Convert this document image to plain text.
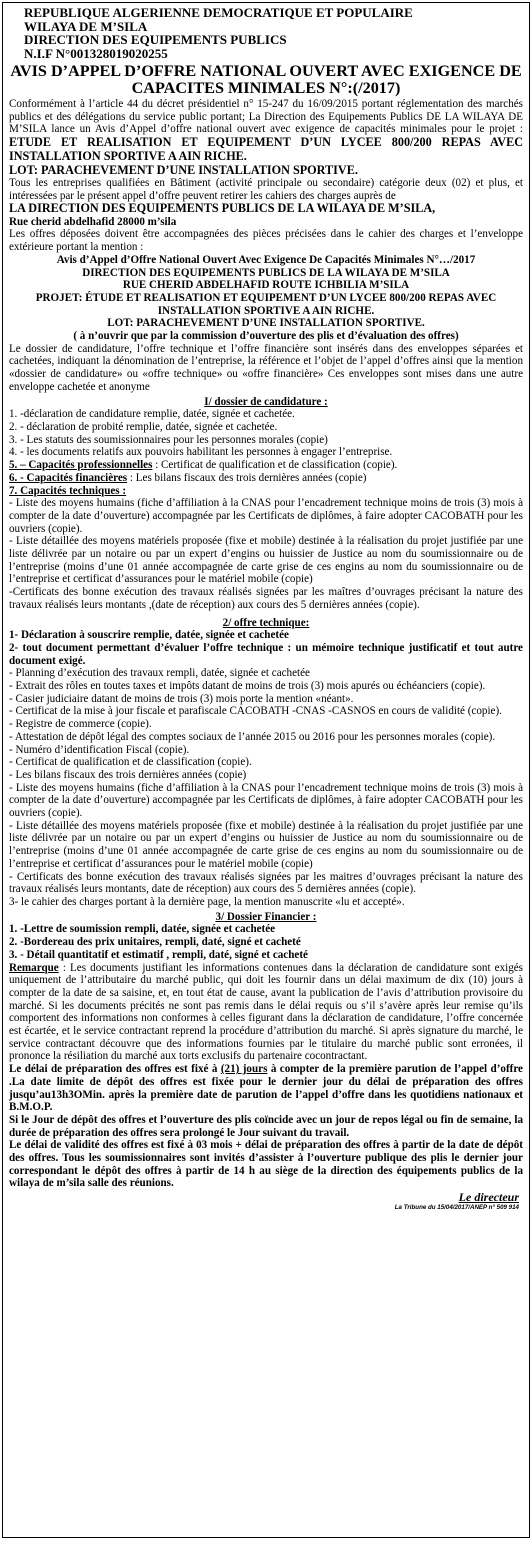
REPUBLIQUE ALGERIENNE DEMOCRATIQUE ET POPULAIRE

WILAYA DE M’SILA

DIRECTION DES EQUIPEMENTS PUBLICS

N.I.F N°001328019020255

AVIS D’APPEL D’OFFRE NATIONAL OUVERT AVEC EXIGENCE DE CAPACITES MINIMALES N°:(/2017)

Conformément à l’article 44 du décret présidentiel n° 15-247 du 16/09/2015 portant réglementation des marchés publics et des délégations du service public portant; La Direction des Equipements Publics DE LA WILAYA DE M’SILA lance un Avis d’Appel d’offre national ouvert avec exigence de capacités minimales pour le projet : ETUDE ET REALISATION ET EQUIPEMENT D’UN LYCEE 800/200 REPAS AVEC INSTALLATION SPORTIVE A AIN RICHE.

LOT: PARACHEVEMENT D’UNE INSTALLATION SPORTIVE.

Tous les entreprises qualifiées en Bâtiment (activité principale ou secondaire) catégorie deux (02) et plus, et intéressées par le présent appel d’offre peuvent retirer les cahiers des charges auprès de

LA DIRECTION DES EQUIPEMENTS PUBLICS DE LA WILAYA DE M’SILA,

Rue cherid abdelhafid 28000 m’sila

Les offres déposées doivent être accompagnées des pièces précisées dans le cahier des charges et l’enveloppe extérieure portant la mention :

Avis d’Appel d’Offre National Ouvert Avec Exigence De Capacités Minimales N°…/2017

DIRECTION DES EQUIPEMENTS PUBLICS DE LA WILAYA DE M’SILA

RUE CHERID ABDELHAFID ROUTE ICHBILIA M’SILA

PROJET: ÉTUDE ET REALISATION ET EQUIPEMENT D’UN LYCEE 800/200 REPAS AVEC INSTALLATION SPORTIVE A AIN RICHE.

LOT: PARACHEVEMENT D’UNE INSTALLATION SPORTIVE.

( à n’ouvrir que par la commission d’ouverture des plis et d’évaluation des offres)

Le dossier de candidature, l’offre technique et l’offre financière sont insérés dans des enveloppes séparées et cachetées, indiquant la dénomination de l’entreprise, la référence et l’objet de l’appel d’offres ainsi que la mention «dossier de candidature» ou «offre technique» ou «offre financière» Ces enveloppes sont mises dans une autre enveloppe cachetée et anonyme

I/ dossier de candidature :

1. -déclaration de candidature remplie, datée, signée et cachetée.

2. - déclaration de probité remplie, datée, signée et cachetée.

3. - Les statuts des soumissionnaires pour les personnes morales (copie)

4. - les documents relatifs aux pouvoirs habilitant les personnes à engager l’entreprise.

5. – Capacités professionnelles : Certificat de qualification et de classification (copie).

6. - Capacités financières : Les bilans fiscaux des trois dernières années (copie)

7. Capacités techniques :

- Liste des moyens humains (fiche d’affiliation à la CNAS pour l’encadrement technique moins de trois (3) mois à compter de la date d’ouverture) accompagnée par les Certificats de diplômes, à faire adopter CACOBATH pour les ouvriers (copie).

- Liste détaillée des moyens matériels proposée (fixe et mobile) destinée à la réalisation du projet justifiée par une liste délivrée par un notaire ou par un expert d’engins ou huissier de Justice au nom du soumissionnaire ou de l’entreprise (moins d’une 01 année accompagnée de carte grise de ces engins au nom du soumissionnaire ou de l’entreprise et certificat d’assurances pour le matériel mobile (copie)

-Certificats des bonne exécution des travaux réalisés signées par les maîtres d’ouvrages précisant la nature des travaux réalisés leurs montants ,(date de réception) aux cours des 5 dernières années (copie).

2/ offre technique:

1- Déclaration à souscrire remplie, datée, signée et cachetée

2- tout document permettant d’évaluer l’offre technique : un mémoire technique justificatif et tout autre document exigé.

- Planning d’exécution des travaux rempli, datée, signée et cachetée

- Extrait des rôles en toutes taxes et impôts datant de moins de trois (3) mois apurés ou échéanciers (copie).

- Casier judiciaire datant de moins de trois (3) mois porte la mention «néant».

- Certificat de la mise à jour fiscale et parafiscale CACOBATH -CNAS -CASNOS en cours de validité (copie).

- Registre de commerce (copie).

- Attestation de dépôt légal des comptes sociaux de l’année 2015 ou 2016 pour les personnes morales (copie).

- Numéro d’identification Fiscal (copie).

- Certificat de qualification et de classification (copie).

- Les bilans fiscaux des trois dernières années (copie)

- Liste des moyens humains (fiche d’affiliation à la CNAS pour l’encadrement technique moins de trois (3) mois à compter de la date d’ouverture) accompagnée par les Certificats de diplômes, à faire adopter CACOBATH pour les ouvriers (copie).

- Liste détaillée des moyens matériels proposée (fixe et mobile) destinée à la réalisation du projet justifiée par une liste délivrée par un notaire ou par un expert d’engins ou huissier de Justice au nom du soumissionnaire ou de l’entreprise (moins d’une 01 année accompagnée de carte grise de ces engins au nom du soumissionnaire ou de l’entreprise et certificat d’assurances pour le matériel mobile (copie)

- Certificats des bonne exécution des travaux réalisés signées par les maitres d’ouvrages précisant la nature des travaux réalisés leurs montants, date de réception) aux cours des 5 dernières années (copie).

3- le cahier des charges portant à la dernière page, la mention manuscrite «lu et accepté».

3/ Dossier Financier :

1. -Lettre de soumission rempli, datée, signée et cachetée

2. -Bordereau des prix unitaires, rempli, daté, signé et cacheté

3. - Détail quantitatif et estimatif , rempli, daté, signé et cacheté

Remarque : Les documents justifiant les informations contenues dans la déclaration de candidature sont exigés uniquement de l’attributaire du marché public, qui doit les fournir dans un délai maximum de dix (10) jours à compter de la date de sa saisine, et, en tout état de cause, avant la publication de l’avis d’attribution provisoire du marché. Si les documents précités ne sont pas remis dans le délai requis ou s’il s’avère après leur remise qu’ils comportent des informations non conformes à celles figurant dans la déclaration de candidature, l’offre concernée est écartée, et le service contractant reprend la procédure d’attribution du marché. Si après signature du marché, le service contractant découvre que des informations fournies par le titulaire du marché public sont erronées, il prononce la résiliation du marché aux torts exclusifs du partenaire cocontractant.

Le délai de préparation des offres est fixé à (21) jours à compter de la première parution de l’appel d’offre .La date limite de dépôt des offres est fixée pour le dernier jour du délai de préparation des offres jusqu’au13h3OMin. après la première date de parution de l’appel d’offre dans les quotidiens nationaux et B.M.O.P.

Si le Jour de dépôt des offres et l’ouverture des plis coïncide avec un jour de repos légal ou fin de semaine, la durée de préparation des offres sera prolongé le Jour suivant du travail.

Le délai de validité des offres est fixé à 03 mois + délai de préparation des offres à partir de la date de dépôt des offres. Tous les soumissionnaires sont invités d’assister à l’ouverture publique des plis le dernier jour correspondant le dépôt des offres à partir de 14 h au siège de la direction des équipements publics de la wilaya de m’sila salle des réunions.

Le directeur

La Tribune du 15/04/2017/ANEP n° 509 914
